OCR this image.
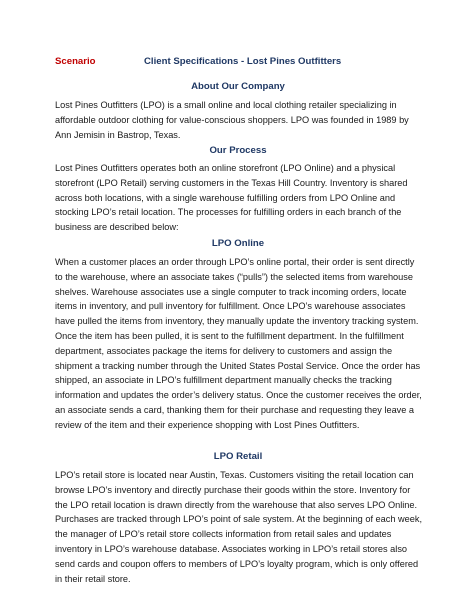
Scenario	Client Specifications - Lost Pines Outfitters
About Our Company

Lost Pines Outfitters (LPO) is a small online and local clothing retailer specializing in affordable outdoor clothing for value-conscious shoppers. LPO was founded in 1989 by Ann Jemisin in Bastrop, Texas.

Our Process

Lost Pines Outfitters operates both an online storefront (LPO Online) and a physical storefront (LPO Retail) serving customers in the Texas Hill Country. Inventory is shared across both locations, with a single warehouse fulfilling orders from LPO Online and stocking LPO’s retail location. The processes for fulfilling orders in each branch of the business are described below:

LPO Online

When a customer places an order through LPO’s online portal, their order is sent directly to the warehouse, where an associate takes (“pulls”) the selected items from warehouse shelves. Warehouse associates use a single computer to track incoming orders, locate items in inventory, and pull inventory for fulfillment. Once LPO’s warehouse associates have pulled the items from inventory, they manually update the inventory tracking system. Once the item has been pulled, it is sent to the fulfillment department. In the fulfillment department, associates package the items for delivery to customers and assign the shipment a tracking number through the United States Postal Service. Once the order has shipped, an associate in LPO’s fulfillment department manually checks the tracking information and updates the order’s delivery status. Once the customer receives the order, an associate sends a card, thanking them for their purchase and requesting they leave a review of the item and their experience shopping with Lost Pines Outfitters.

LPO Retail

LPO’s retail store is located near Austin, Texas. Customers visiting the retail location can browse LPO’s inventory and directly purchase their goods within the store. Inventory for the LPO retail location is drawn directly from the warehouse that also serves LPO Online. Purchases are tracked through LPO’s point of sale system. At the beginning of each week, the manager of LPO’s retail store collects information from retail sales and updates inventory in LPO’s warehouse database. Associates working in LPO’s retail stores also send cards and coupon offers to members of LPO’s loyalty program, which is only offered in their retail store.
